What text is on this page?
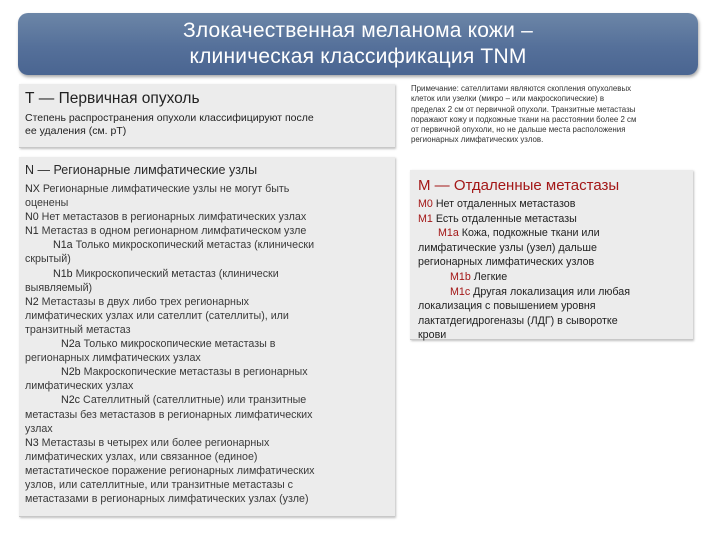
Злокачественная меланома кожи –
клиническая классификация TNM
Т — Первичная опухоль
Степень распространения опухоли классифицируют после
ее удаления (см. рТ)
Примечание: сателлитами являются скопления опухолевых
клеток или узелки (микро – или макроскопические) в
пределах 2 см от первичной опухоли. Транзитные метастазы
поражают кожу и подкожные ткани на расстоянии более 2 см
от первичной опухоли, но не дальше места расположения
регионарных лимфатических узлов.
N — Регионарные лимфатические узлы
NX Регионарные лимфатические узлы не могут быть
оценены
N0 Нет метастазов в регионарных лимфатических узлах
N1 Метастаз в одном регионарном лимфатическом узле
N1a Только микроскопический метастаз (клинически
скрытый)
N1b Микроскопический метастаз (клинически
выявляемый)
N2 Метастазы в двух либо трех регионарных
лимфатических узлах или сателлит (сателлиты), или
транзитный метастаз
N2a Только микроскопические метастазы в
регионарных лимфатических узлах
N2b Макроскопические метастазы в регионарных
лимфатических узлах
N2c Сателлитный (сателлитные) или транзитные
метастазы без метастазов в регионарных лимфатических
узлах
N3 Метастазы в четырех или более регионарных
лимфатических узлах, или связанное (единое)
метастатическое поражение регионарных лимфатических
узлов, или сателлитные, или транзитные метастазы с
метастазами в регионарных лимфатических узлах (узле)
М — Отдаленные метастазы
M0 Нет отдаленных метастазов
M1 Есть отдаленные метастазы
M1a Кожа, подкожные ткани или
лимфатические узлы (узел) дальше
регионарных лимфатических узлов
M1b Легкие
M1c Другая локализация или любая
локализация с повышением уровня
лактатдегидрогеназы (ЛДГ) в сыворотке
крови
